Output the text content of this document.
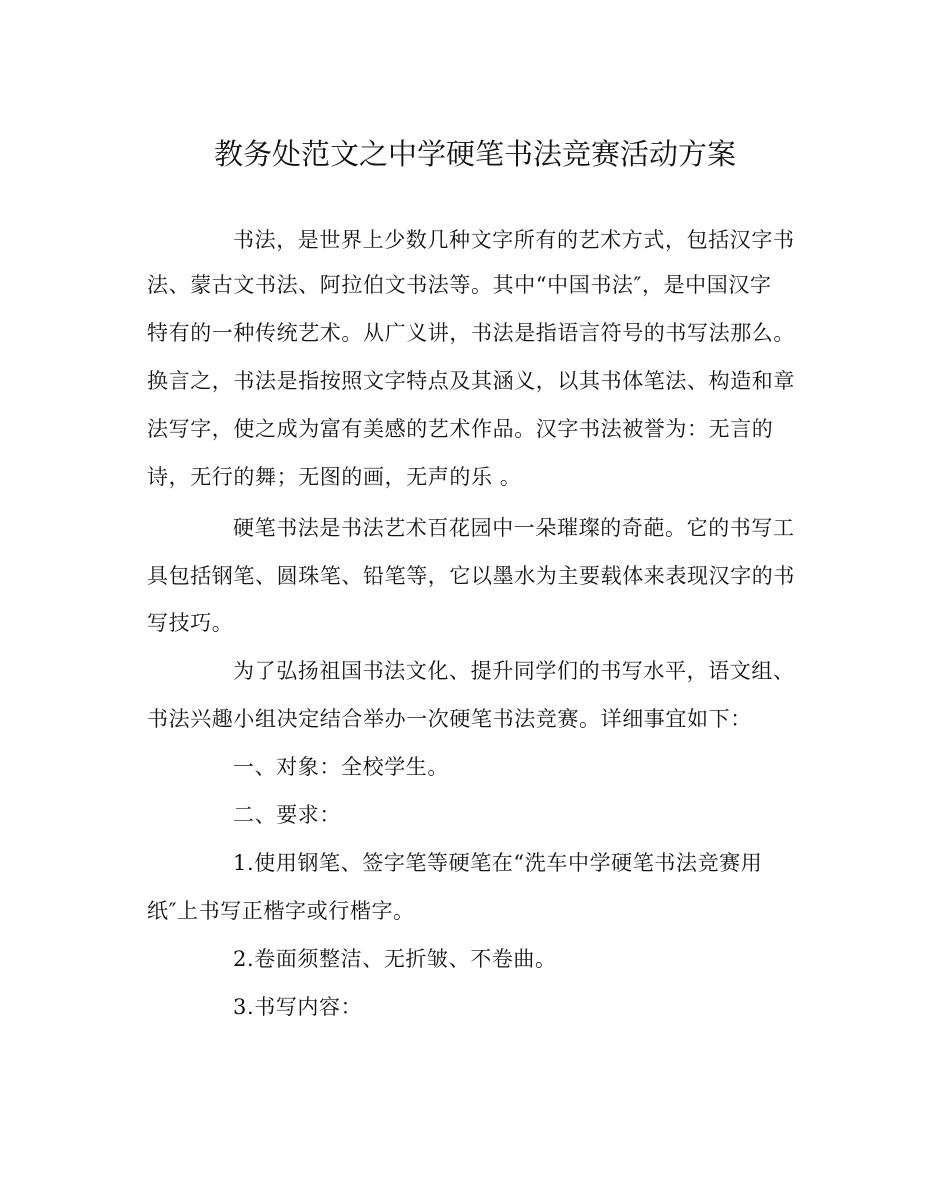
教务处范文之中学硬笔书法竞赛活动方案
书法，是世界上少数几种文字所有的艺术方式，包括汉字书
法、蒙古文书法、阿拉伯文书法等。其中“中国书法″，是中国汉字
特有的一种传统艺术。从广义讲，书法是指语言符号的书写法那么。
换言之，书法是指按照文字特点及其涵义，以其书体笔法、构造和章
法写字，使之成为富有美感的艺术作品。汉字书法被誉为：无言的
诗，无行的舞；无图的画，无声的乐 。
硬笔书法是书法艺术百花园中一朵璀璨的奇葩。它的书写工
具包括钢笔、圆珠笔、铅笔等，它以墨水为主要载体来表现汉字的书
写技巧。
为了弘扬祖国书法文化、提升同学们的书写水平，语文组、
书法兴趣小组决定结合举办一次硬笔书法竞赛。详细事宜如下：
一、对象：全校学生。
二、要求：
1.使用钢笔、签字笔等硬笔在“洗车中学硬笔书法竞赛用
纸″上书写正楷字或行楷字。
2.卷面须整洁、无折皱、不卷曲。
3.书写内容：
